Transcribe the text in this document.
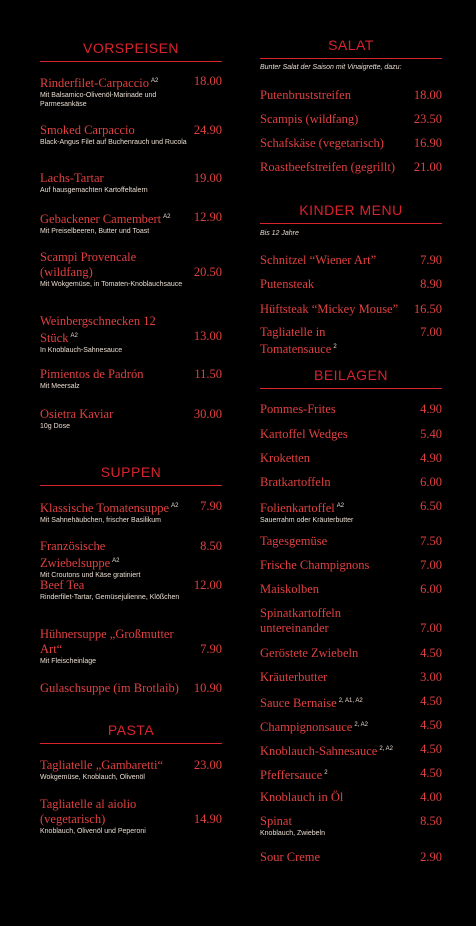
VORSPEISEN
18.00
Rinderfilet-Carpaccio $^{A2}$
Mit Balsamico-Olivenöl-Marinade und Parmesankäse
24.90
Smoked Carpaccio
Black-Angus Filet auf Buchenrauch und Rucola
19.00
Lachs-Tartar
Auf hausgemachten Kartoffeltalern
12.90
Gebackener Camembert $^{A2}$
Mit Preiselbeeren, Butter und Toast
20.50
Scampi Provencale (wildfang)
Mit Wokgemüse, in Tomaten-Knoblauchsauce
13.00
Weinbergschnecken 12 Stück $^{A2}$
In Knoblauch-Sahnesauce
11.50
Pimientos de Padrón
Mit Meersalz
30.00
Osietra Kaviar
10g Dose
SUPPEN
7.90
Klassische Tomatensuppe $^{A2}$
Mit Sahnehäubchen, frischer Basilikum
8.50
Französische Zwiebelsuppe $^{A2}$
Mit Croutons und Käse gratiniert
12.00
Beef Tea
Rinderfilet-Tartar, Gemüsejulienne, Klößchen
7.90
Hühnersuppe „Großmutter Art“
Mit Fleischeinlage
10.90
Gulaschsuppe (im Brotlaib)
PASTA
23.00
Tagliatelle „Gambaretti“
Wokgemüse, Knoblauch, Olivenöl
14.90
Tagliatelle al aiolio (vegetarisch)
Knoblauch, Olivenöl und Peperoni
SALAT
Bunter Salat der Saison mit Vinaigrette, dazu:
18.00
Putenbruststreifen
23.50
Scampis (wildfang)
16.90
Schafskäse (vegetarisch)
21.00
Roastbeefstreifen (gegrillt)
KINDER MENU
Bis 12 Jahre
7.90
Schnitzel “Wiener Art”
8.90
Putensteak
16.50
Hüftsteak “Mickey Mouse”
7.00
Tagliatelle in Tomatensauce $^2$
BEILAGEN
4.90
Pommes-Frites
5.40
Kartoffel Wedges
4.90
Kroketten
6.00
Bratkartoffeln
6.50
Folienkartoffel $^{A2}$
Sauerrahm oder Kräuterbutter
7.50
Tagesgemüse
7.00
Frische Champignons
6.00
Maiskolben
7.00
Spinatkartoffeln untereinander
4.50
Geröstete Zwiebeln
3.00
Kräuterbutter
4.50
Sauce Bernaise $^{2, A1, A2}$
4.50
Champignonsauce $^{2, A2}$
4.50
Knoblauch-Sahnesauce $^{2, A2}$
4.50
Pfeffersauce $^2$
4.00
Knoblauch in Öl
8.50
Spinat
Knoblauch, Zwiebeln
2.90
Sour Creme
